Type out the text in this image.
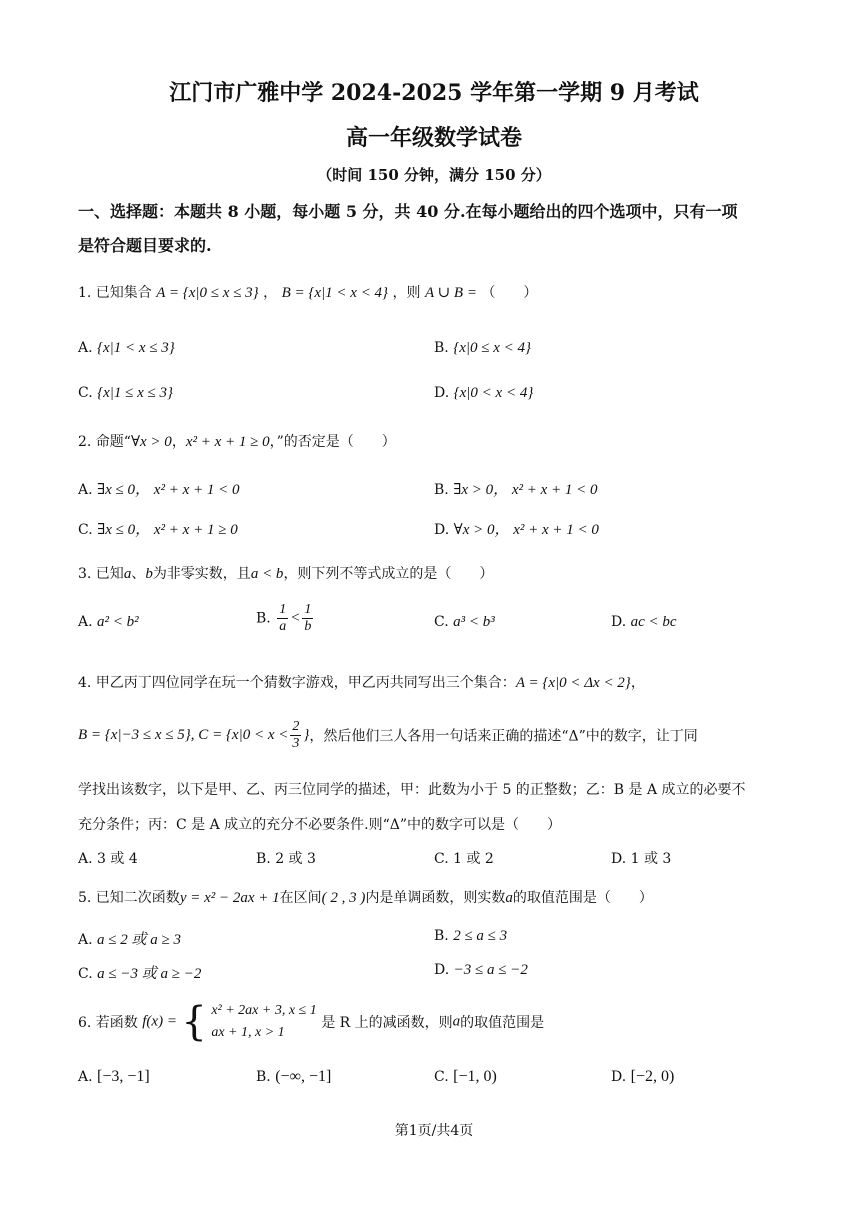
江门市广雅中学 2024-2025 学年第一学期 9 月考试
高一年级数学试卷
（时间 150 分钟，满分 150 分）
一、选择题：本题共 8 小题，每小题 5 分，共 40 分.在每小题给出的四个选项中，只有一项
是符合题目要求的.
1. 已知集合 A = {x|0 ≤ x ≤ 3} ， B = {x|1 < x < 4} ，则 A ∪ B = （　　）
A. {x|1 < x ≤ 3}	B. {x|0 ≤ x < 4}
C. {x|1 ≤ x ≤ 3}	D. {x|0 < x < 4}
2. 命题“∀x > 0，x² + x + 1 ≥ 0，”的否定是（　　）
A. ∃x ≤ 0， x² + x + 1 < 0	B. ∃x > 0， x² + x + 1 < 0
C. ∃x ≤ 0， x² + x + 1 ≥ 0	D. ∀x > 0， x² + x + 1 < 0
3. 已知a、b为非零实数，且a < b，则下列不等式成立的是（　　）
A. a² < b²	B. $\frac{1}{a} < \frac{1}{b}$	C. a³ < b³	D. ac < bc
4. 甲乙丙丁四位同学在玩一个猜数字游戏，甲乙丙共同写出三个集合：A = {x|0 < Δx < 2}，
B = {x|−3 ≤ x ≤ 5}, $C = \{x|0 < x < \frac{2}{3}$ }，然后他们三人各用一句话来正确的描述“Δ”中的数字，让丁同
学找出该数字，以下是甲、乙、丙三位同学的描述，甲：此数为小于 5 的正整数；乙：B 是 A 成立的必要不
充分条件；丙：C 是 A 成立的充分不必要条件.则“Δ”中的数字可以是（　　）
A. 3 或 4	B. 2 或 3	C. 1 或 2	D. 1 或 3
5. 已知二次函数y = x² − 2ax + 1在区间( 2 , 3 )内是单调函数，则实数a的取值范围是（　　）
A. a ≤ 2 或 a ≥ 3	B. 2 ≤ a ≤ 3
C. a ≤ −3 或 a ≥ −2	D. −3 ≤ a ≤ −2
6. 若函数 f(x) = { x² + 2ax + 3, x ≤ 1
ax + 1, x > 1
是 R 上的减函数，则a的取值范围是
A. [−3, −1]	B. (−∞, −1]	C. [−1, 0)	D. [−2, 0)
第1页/共4页
